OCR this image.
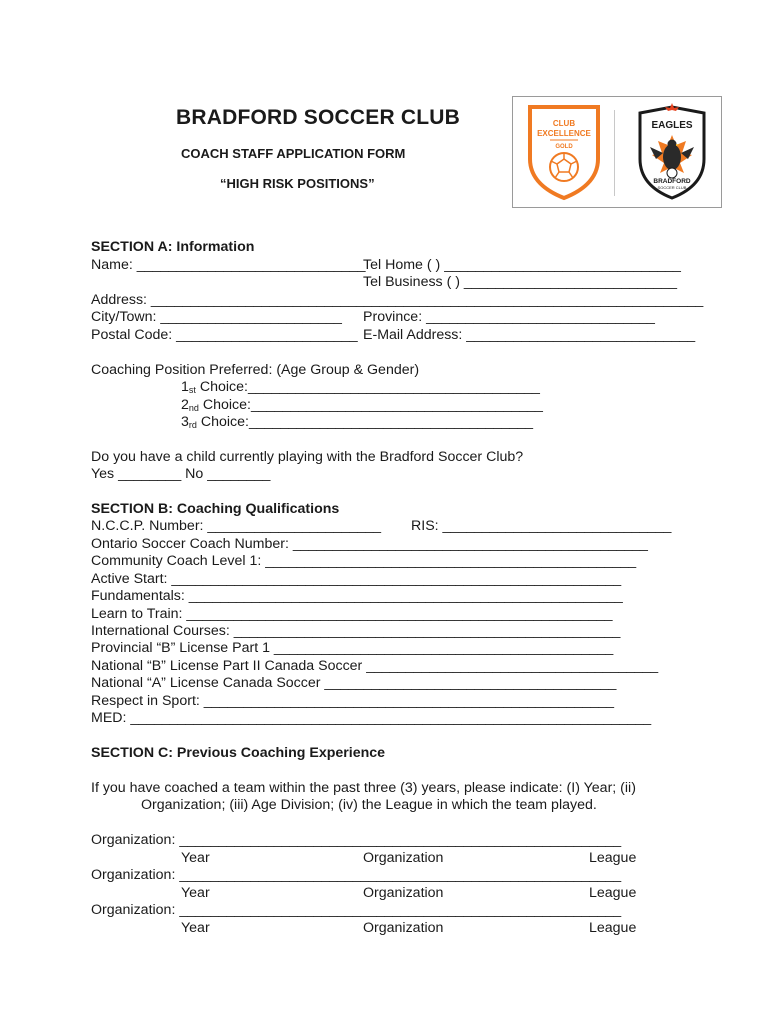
BRADFORD SOCCER CLUB
COACH STAFF APPLICATION FORM
“HIGH RISK POSITIONS”
CLUB
EXCELLENCE
GOLD
EAGLES
BRADFORD
SOCCER CLUB
SECTION A: Information
Name: _____________________________
Tel Home ( ) ______________________________
Tel Business ( ) ___________________________
Address: ______________________________________________________________________
City/Town: _______________________ Province: _____________________________
Postal Code: _______________________ E-Mail Address: _____________________________
Coaching Position Preferred: (Age Group & Gender)
1st Choice:_____________________________________
2nd Choice:_____________________________________
3rd Choice:____________________________________
Do you have a child currently playing with the Bradford Soccer Club?
Yes ________ No ________
SECTION B: Coaching Qualifications
N.C.C.P. Number: ______________________ RIS: _____________________________
Ontario Soccer Coach Number: _____________________________________________
Community Coach Level 1: _______________________________________________
Active Start: _________________________________________________________
Fundamentals: _______________________________________________________
Learn to Train: ______________________________________________________
International Courses: _________________________________________________
Provincial “B” License Part 1 ___________________________________________
National “B” License Part II Canada Soccer _____________________________________
National “A” License Canada Soccer _____________________________________
Respect in Sport: ____________________________________________________
MED: __________________________________________________________________
SECTION C: Previous Coaching Experience
If you have coached a team within the past three (3) years, please indicate: (I) Year; (ii)
Organization; (iii) Age Division; (iv) the League in which the team played.
Organization: ________________________________________________________
Year	Organization	League
Organization: ________________________________________________________
Year	Organization	League
Organization: ________________________________________________________
Year	Organization	League
